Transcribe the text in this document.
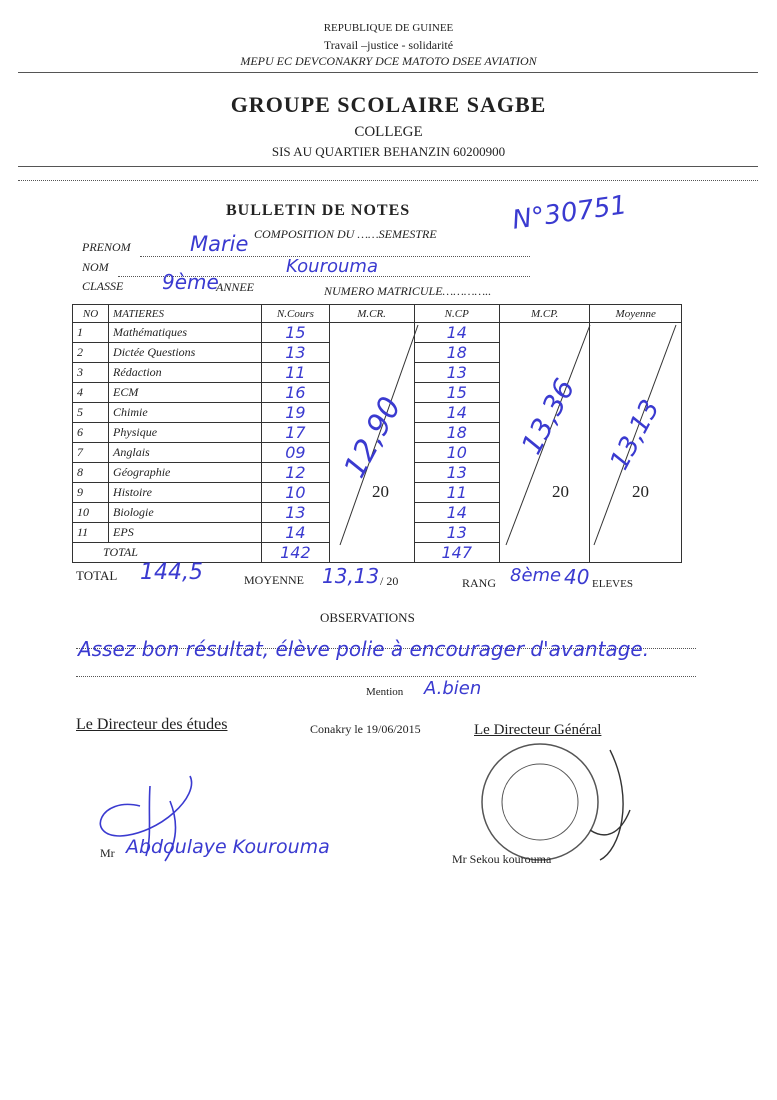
REPUBLIQUE DE GUINEE
Travail –justice - solidarité
MEPU EC DEVCONAKRY DCE MATOTO DSEE AVIATION
GROUPE SCOLAIRE SAGBE
COLLEGE
SIS AU QUARTIER BEHANZIN 60200900
BULLETIN DE NOTES	N°30751
COMPOSITION DU ……SEMESTRE
PRENOM	Marie
NOM	Kourouma
CLASSE 9ème
ANNEE	NUMERO MATRICULE…………..
NO	MATIERES	N.Cours	M.CR.	N.CP	M.CP.	Moyenne
1	Mathématiques	15		14		
2	Dictée Questions	13		18		
3	Rédaction	11		13		
4	ECM	16		15		
5	Chimie	19		14		
6	Physique	17		18		
7	Anglais	09		10		
8	Géographie	12		13		
9	Histoire	10		11		
10	Biologie	13		14		
11	EPS	14		13		
TOTAL		142		147		
12,90
20
13,36
20
13,13
20
TOTAL 144,5	MOYENNE 13,13 / 20	RANG 8ème 40 ELEVES
OBSERVATIONS
Assez bon résultat, élève polie à encourager d'avantage.
Mention A.bien
Le Directeur des études	Conakry le 19/06/2015	Le Directeur Général
Mr Abdoulaye Kourouma
Mr Sekou kourouma
